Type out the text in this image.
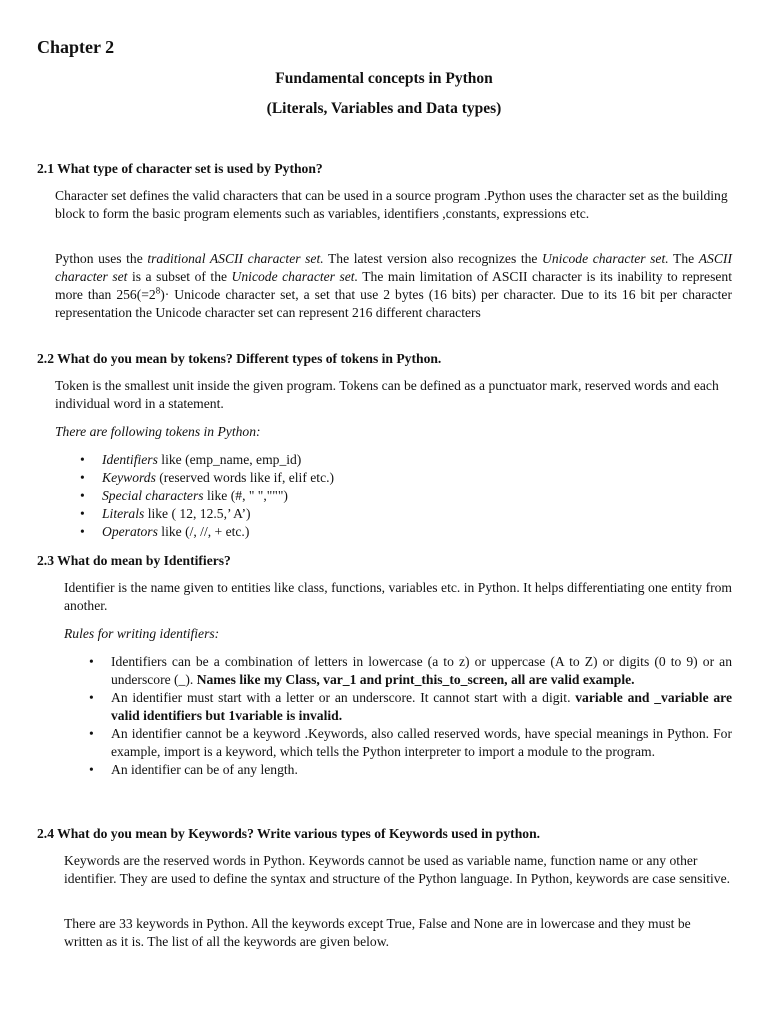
Chapter 2
Fundamental concepts in Python
(Literals, Variables and Data types)
2.1 What type of character set is used by Python?
Character set defines the valid characters that can be used in a source program .Python uses the character set as the building block to form the basic program elements such as variables, identifiers ,constants, expressions etc.
Python uses the traditional ASCII character set. The latest version also recognizes the Unicode character set. The ASCII character set is a subset of the Unicode character set. The main limitation of ASCII character is its inability to represent more than $256(=2^8)\cdot$ Unicode character set, a set that use 2 bytes (16 bits) per character. Due to its 16 bit per character representation the Unicode character set can represent 216 different characters
2.2 What do you mean by tokens? Different types of tokens in Python.
Token is the smallest unit inside the given program. Tokens can be defined as a punctuator mark, reserved words and each individual word in a statement.
There are following tokens in Python:
• Identifiers like (emp_name, emp_id)
• Keywords (reserved words like if, elif etc.)
• Special characters like (#, " ",""")
• Literals like ( 12, 12.5,’ A’)
• Operators like (/, //, + etc.)
2.3 What do mean by Identifiers?
Identifier is the name given to entities like class, functions, variables etc. in Python. It helps differentiating one entity from another.
Rules for writing identifiers:
• Identifiers can be a combination of letters in lowercase (a to z) or uppercase (A to Z) or digits (0 to 9) or an underscore (_). Names like my Class, var_1 and print_this_to_screen, all are valid example.
• An identifier must start with a letter or an underscore. It cannot start with a digit. variable and _variable are valid identifiers but 1variable is invalid.
• An identifier cannot be a keyword .Keywords, also called reserved words, have special meanings in Python. For example, import is a keyword, which tells the Python interpreter to import a module to the program.
• An identifier can be of any length.
2.4 What do you mean by Keywords? Write various types of Keywords used in python.
Keywords are the reserved words in Python. Keywords cannot be used as variable name, function name or any other identifier. They are used to define the syntax and structure of the Python language. In Python, keywords are case sensitive.
There are 33 keywords in Python. All the keywords except True, False and None are in lowercase and they must be written as it is. The list of all the keywords are given below.
